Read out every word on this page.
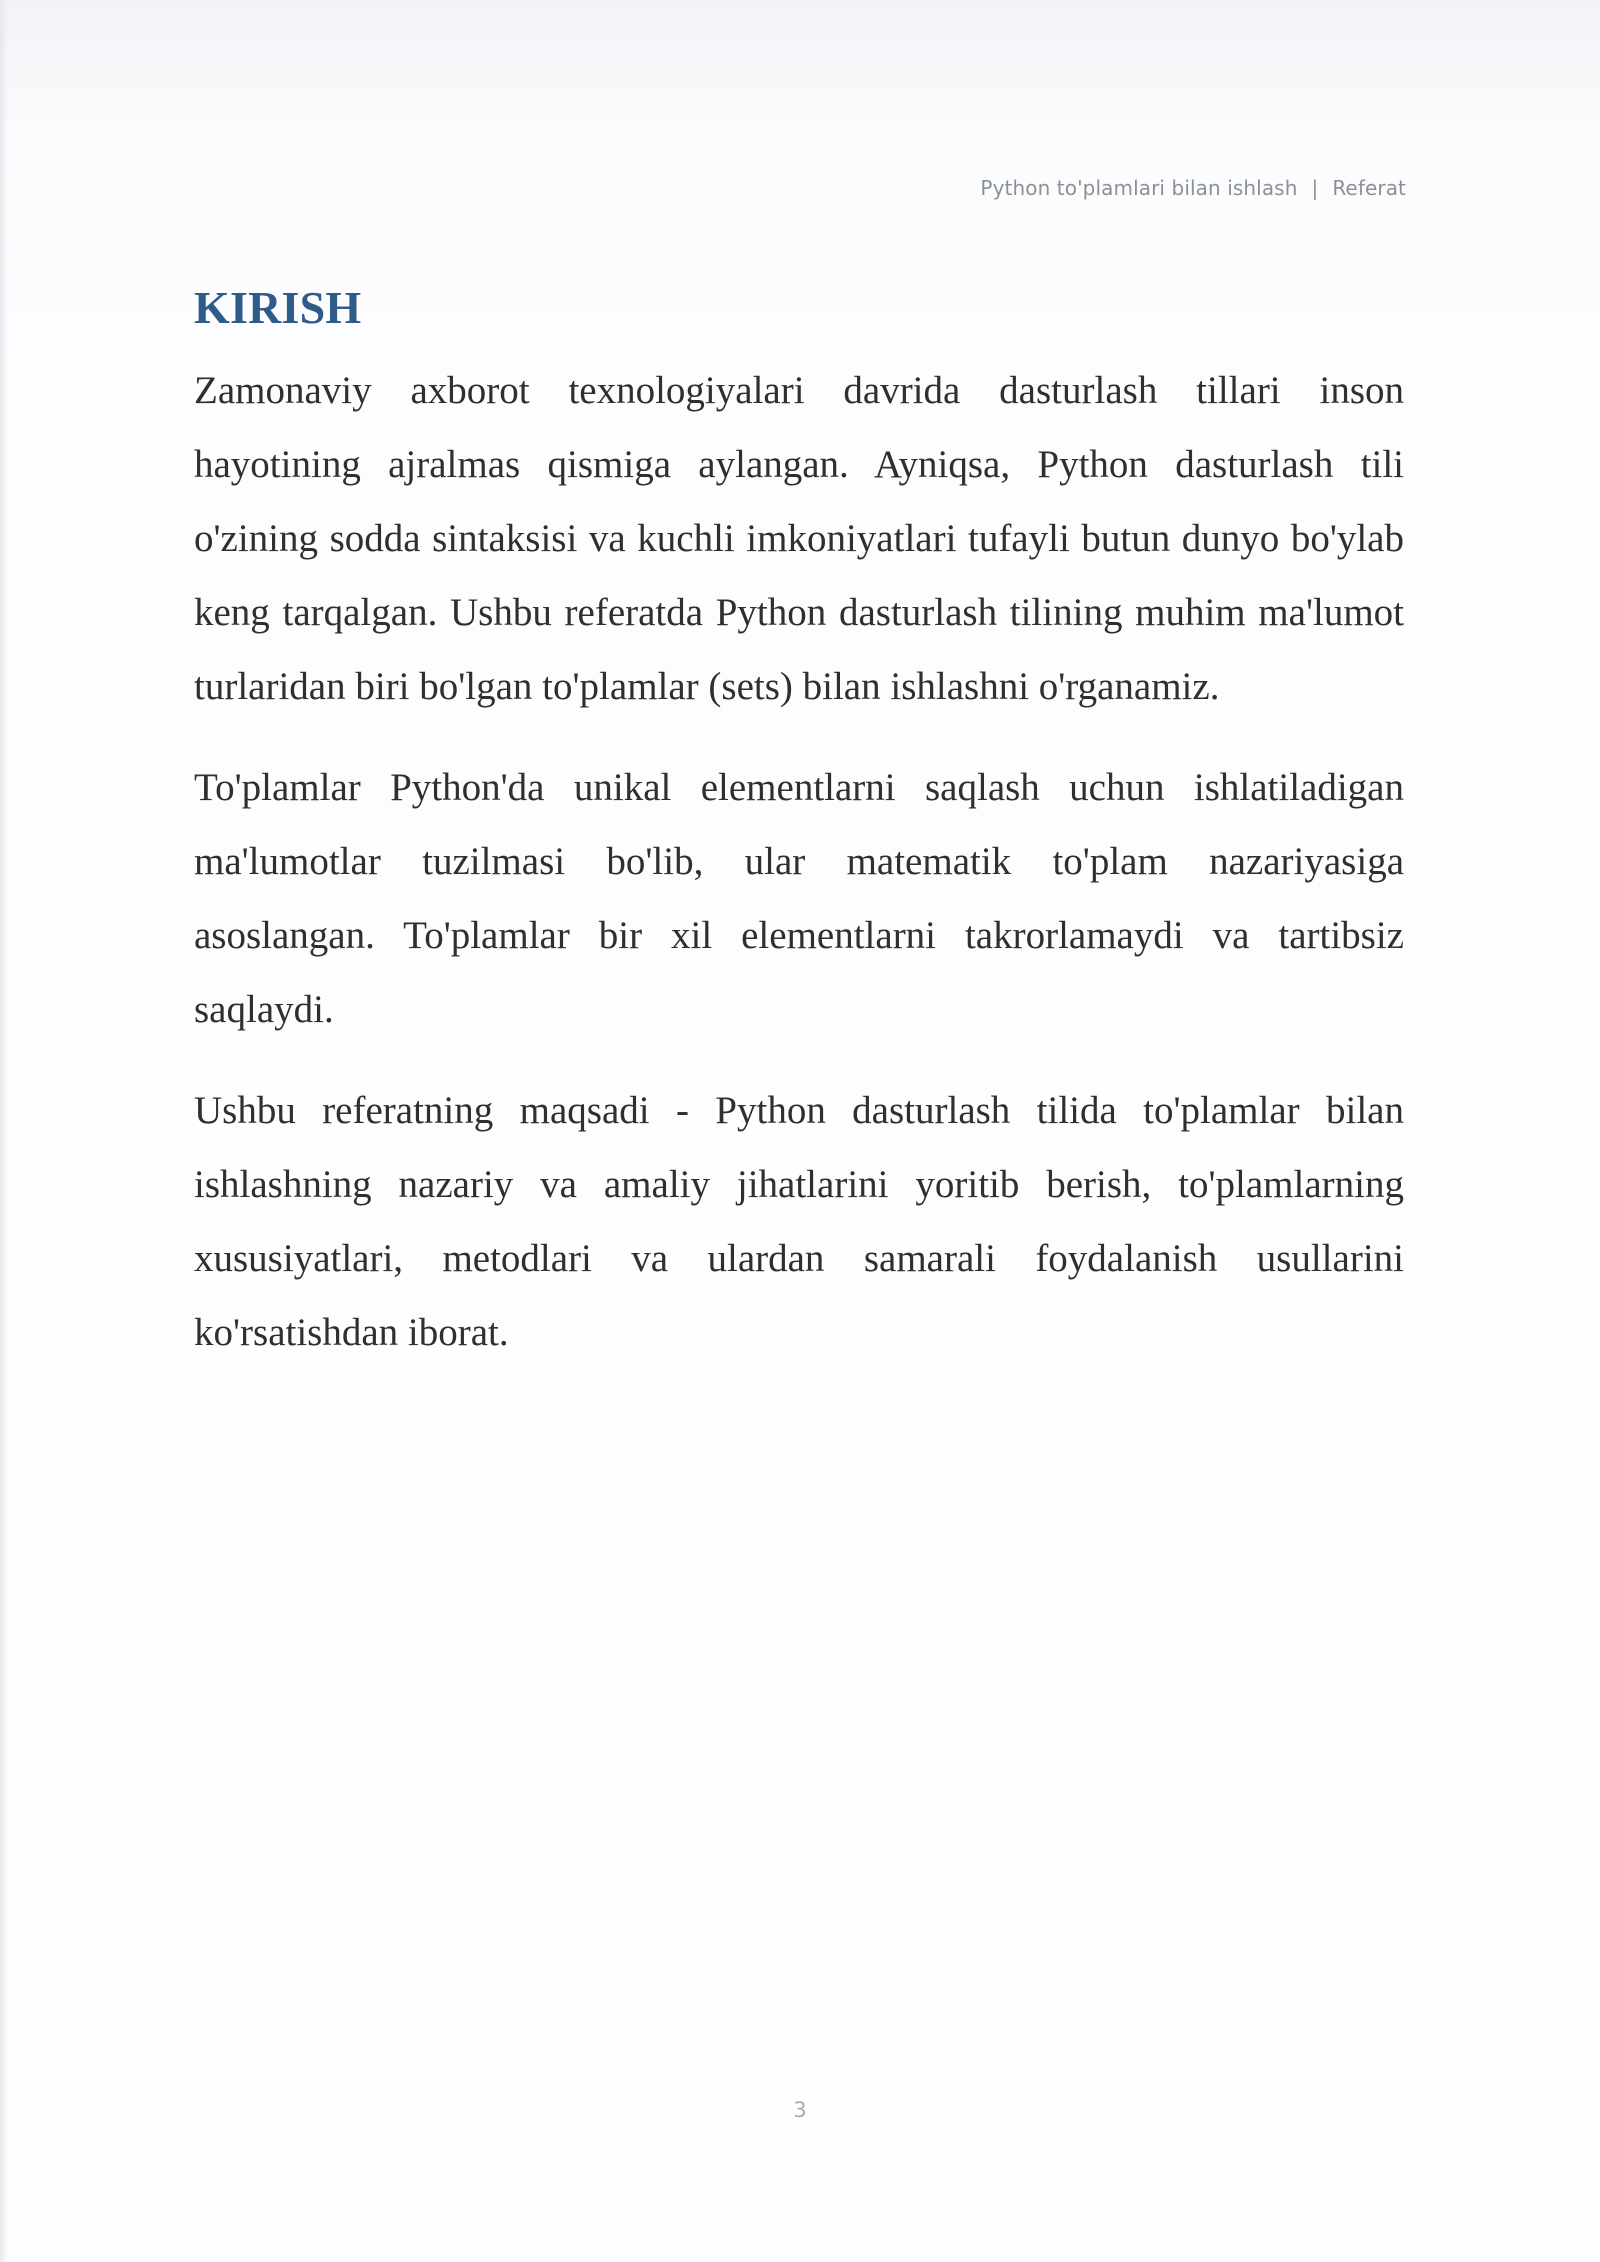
Python to'plamlari bilan ishlash | Referat
KIRISH

Zamonaviy axborot texnologiyalari davrida dasturlash tillari inson hayotining ajralmas qismiga aylangan. Ayniqsa, Python dasturlash tili o'zining sodda sintaksisi va kuchli imkoniyatlari tufayli butun dunyo bo'ylab keng tarqalgan. Ushbu referatda Python dasturlash tilining muhim ma'lumot turlaridan biri bo'lgan to'plamlar (sets) bilan ishlashni o'rganamiz.

To'plamlar Python'da unikal elementlarni saqlash uchun ishlatiladigan ma'lumotlar tuzilmasi bo'lib, ular matematik to'plam nazariyasiga asoslangan. To'plamlar bir xil elementlarni takrorlamaydi va tartibsiz saqlaydi.

Ushbu referatning maqsadi - Python dasturlash tilida to'plamlar bilan ishlashning nazariy va amaliy jihatlarini yoritib berish, to'plamlarning xususiyatlari, metodlari va ulardan samarali foydalanish usullarini ko'rsatishdan iborat.

3
